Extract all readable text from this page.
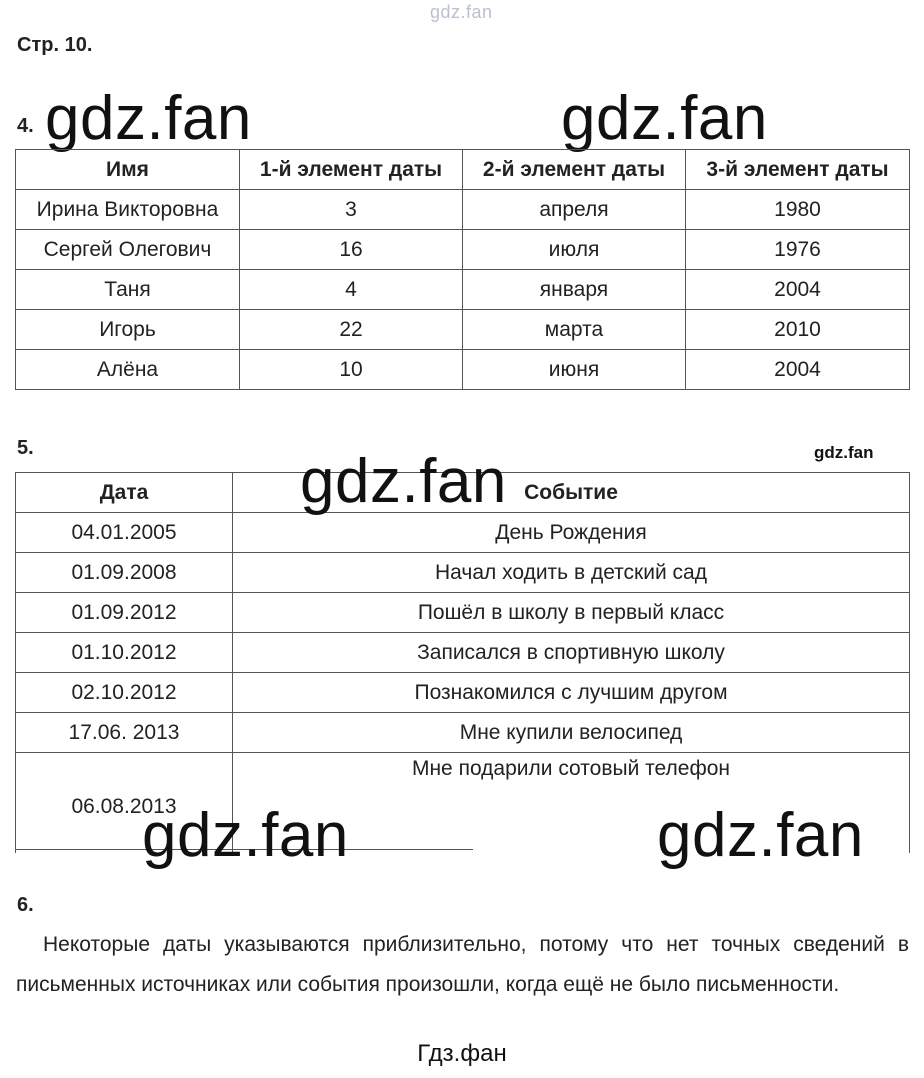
gdz.fan
Стр. 10.
4. gdz.fan	gdz.fan
Имя	1-й элемент даты	2-й элемент даты	3-й элемент даты
Ирина Викторовна	3	апреля	1980
Сергей Олегович	16	июля	1976
Таня	4	января	2004
Игорь	22	марта	2010
Алёна	10	июня	2004
5.	gdz.fan
Дата	Событие
04.01.2005	День Рождения
01.09.2008	Начал ходить в детский сад
01.09.2012	Пошёл в школу в первый класс
01.10.2012	Записался в спортивную школу
02.10.2012	Познакомился с лучшим другом
17.06. 2013	Мне купили велосипед
06.08.2013	Мне подарили сотовый телефон
gdz.fan
gdz.fan	gdz.fan
6.

Некоторые даты указываются приблизительно, потому что нет точных сведений в письменных источниках или события произошли, когда ещё не было письменности.

Гдз.фан
